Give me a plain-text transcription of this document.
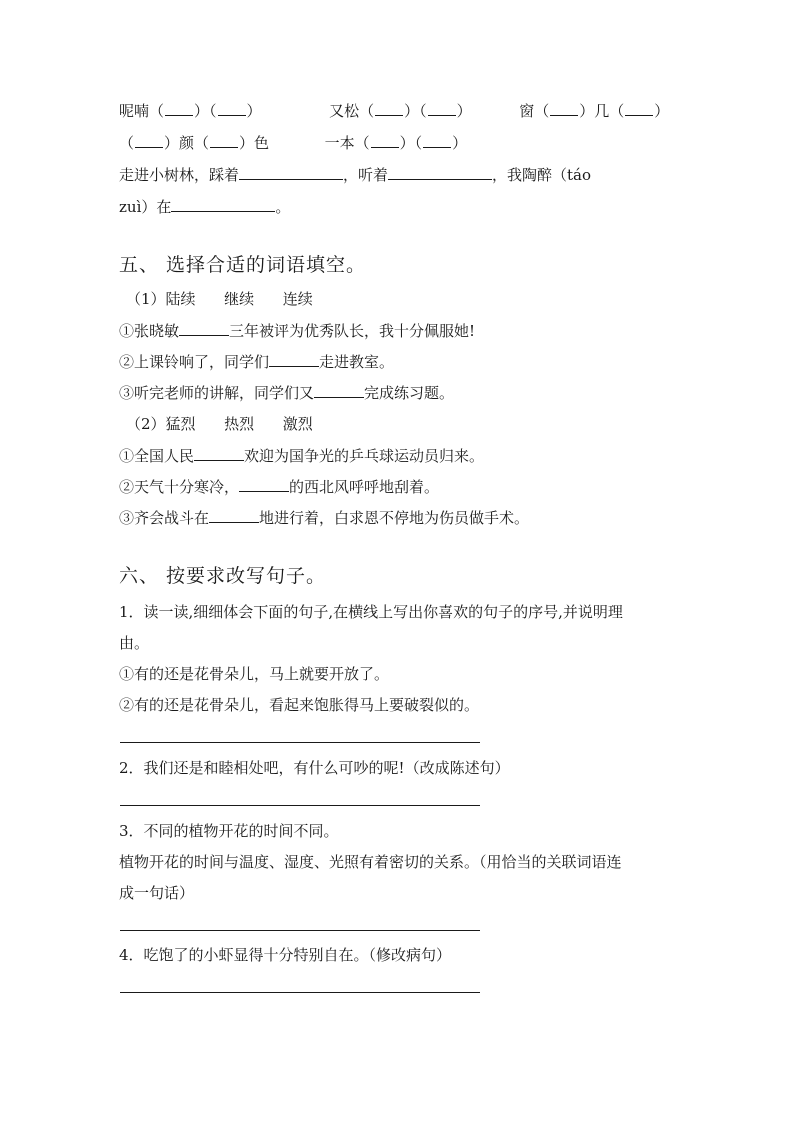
呢喃（ ）（ ）	又松（ ）（ ）	窗（ ）几（ ）
（ ）颜（ ）色	一本（ ）（ ）
走进小树林，踩着	，听着	，我陶醉（táo
zuì）在	。
五、 选择合适的词语填空。
（1）陆续      继续      连续
①张晓敏	三年被评为优秀队长，我十分佩服她!
②上课铃响了，同学们	走进教室。
③听完老师的讲解，同学们又	完成练习题。
（2）猛烈      热烈      激烈
①全国人民	欢迎为国争光的乒乓球运动员归来。
②天气十分寒冷，	的西北风呼呼地刮着。
③齐会战斗在	地进行着，白求恩不停地为伤员做手术。
六、 按要求改写句子。
1．读一读,细细体会下面的句子,在横线上写出你喜欢的句子的序号,并说明理
由。
①有的还是花骨朵儿，马上就要开放了。
②有的还是花骨朵儿，看起来饱胀得马上要破裂似的。
2．我们还是和睦相处吧，有什么可吵的呢!（改成陈述句）
3．不同的植物开花的时间不同。
植物开花的时间与温度、湿度、光照有着密切的关系。（用恰当的关联词语连
成一句话）
4．吃饱了的小虾显得十分特别自在。（修改病句）
